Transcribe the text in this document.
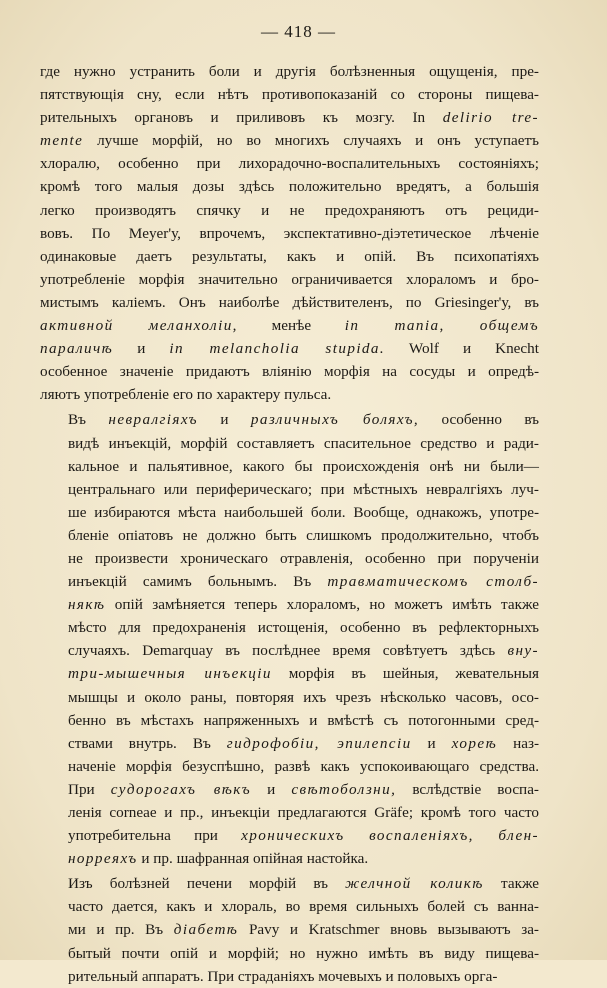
— 418 —
где нужно устранить боли и другія болѣзненныя ощущенія, пре-
пятствующія сну, если нѣтъ противопоказаній со стороны пищева-
рительныхъ органовъ и приливовъ къ мозгу. In delirio tre-
mente лучше морфій, но во многихъ случаяхъ и онъ уступаетъ
хлоралю, особенно при лихорадочно-воспалительныхъ состояніяхъ;
кромѣ того малыя дозы здѣсь положительно вредятъ, а большія
легко производятъ спячку и не предохраняютъ отъ рециди-
вовъ. По Meyer'у, впрочемъ, экспектативно-діэтетическое лѣченіе
одинаковые даетъ результаты, какъ и опій. Въ психопатіяхъ
употребленіе морфія значительно ограничивается хлораломъ и бро-
мистымъ каліемъ. Онъ наиболѣе дѣйствителенъ, по Griesinger'у, въ
активной меланхоліи, менѣе in mania, общемъ
параличѣ и in melancholia stupida. Wolf и Knecht
особенное значеніе придаютъ вліянію морфія на сосуды и опредѣ-
ляютъ употребленіе его по характеру пульса.
Въ невралгіяхъ и различныхъ боляхъ, особенно въ
видѣ инъекцій, морфій составляетъ спасительное средство и ради-
кальное и пальятивное, какого бы происхожденія онѣ ни были—
центральнаго или периферическаго; при мѣстныхъ невралгіяхъ луч-
ше избираются мѣста наибольшей боли. Вообще, однакожъ, употре-
бленіе опіатовъ не должно быть слишкомъ продолжительно, чтобъ
не произвести хроническаго отравленія, особенно при порученіи
инъекцій самимъ больнымъ. Въ травматическомъ столб-
някѣ опій замѣняется теперь хлораломъ, но можетъ имѣть также
мѣсто для предохраненія истощенія, особенно въ рефлекторныхъ
случаяхъ. Demarquay въ послѣднее время совѣтуетъ здѣсь вну-
три-мышечныя инъекціи морфія въ шейныя, жевательныя
мышцы и около раны, повторяя ихъ чрезъ нѣсколько часовъ, осо-
бенно въ мѣстахъ напряженныхъ и вмѣстѣ съ потогонными сред-
ствами внутрь. Въ гидрофобіи, эпилепсіи и хореѣ наз-
наченіе морфія безуспѣшно, развѣ какъ успокоивающаго средства.
При судорогахъ вѣкъ и свѣтоболзни, вслѣдствіе воспа-
ленія corneae и пр., инъекціи предлагаются Gräfe; кромѣ того часто
употребительна при хроническихъ воспаленіяхъ, блен-
норреяхъ и пр. шафранная опійная настойка.
Изъ болѣзней печени морфій въ желчной коликѣ также
часто дается, какъ и хлораль, во время сильныхъ болей съ ванна-
ми и пр. Въ діабетѣ Pavy и Kratschmer вновь вызываютъ за-
бытый почти опій и морфій; но нужно имѣть въ виду пищева-
рительный аппаратъ. При страданіяхъ мочевыхъ и половыхъ орга-
